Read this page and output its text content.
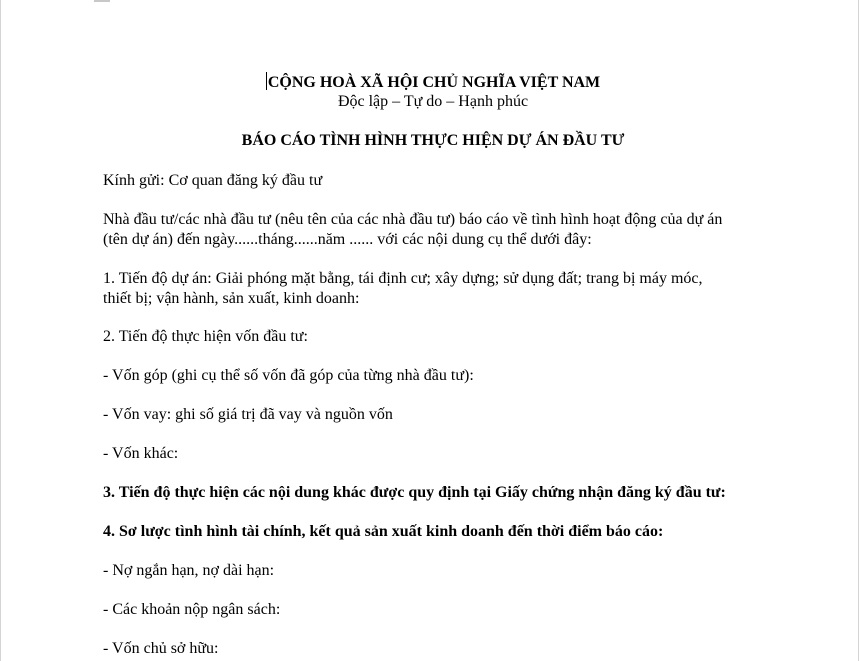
CỘNG HOÀ XÃ HỘI CHỦ NGHĨA VIỆT NAM
Độc lập – Tự do – Hạnh phúc
BÁO CÁO TÌNH HÌNH THỰC HIỆN DỰ ÁN ĐẦU TƯ
Kính gửi: Cơ quan đăng ký đầu tư
Nhà đầu tư/các nhà đầu tư (nêu tên của các nhà đầu tư) báo cáo về tình hình hoạt động của dự án
(tên dự án) đến ngày......tháng......năm ...... với các nội dung cụ thể dưới đây:
1. Tiến độ dự án: Giải phóng mặt bằng, tái định cư; xây dựng; sử dụng đất; trang bị máy móc,
thiết bị; vận hành, sản xuất, kinh doanh:
2. Tiến độ thực hiện vốn đầu tư:
- Vốn góp (ghi cụ thể số vốn đã góp của từng nhà đầu tư):
- Vốn vay: ghi số giá trị đã vay và nguồn vốn
- Vốn khác:
3. Tiến độ thực hiện các nội dung khác được quy định tại Giấy chứng nhận đăng ký đầu tư:
4. Sơ lược tình hình tài chính, kết quả sản xuất kinh doanh đến thời điểm báo cáo:
- Nợ ngắn hạn, nợ dài hạn:
- Các khoản nộp ngân sách:
- Vốn chủ sở hữu:
